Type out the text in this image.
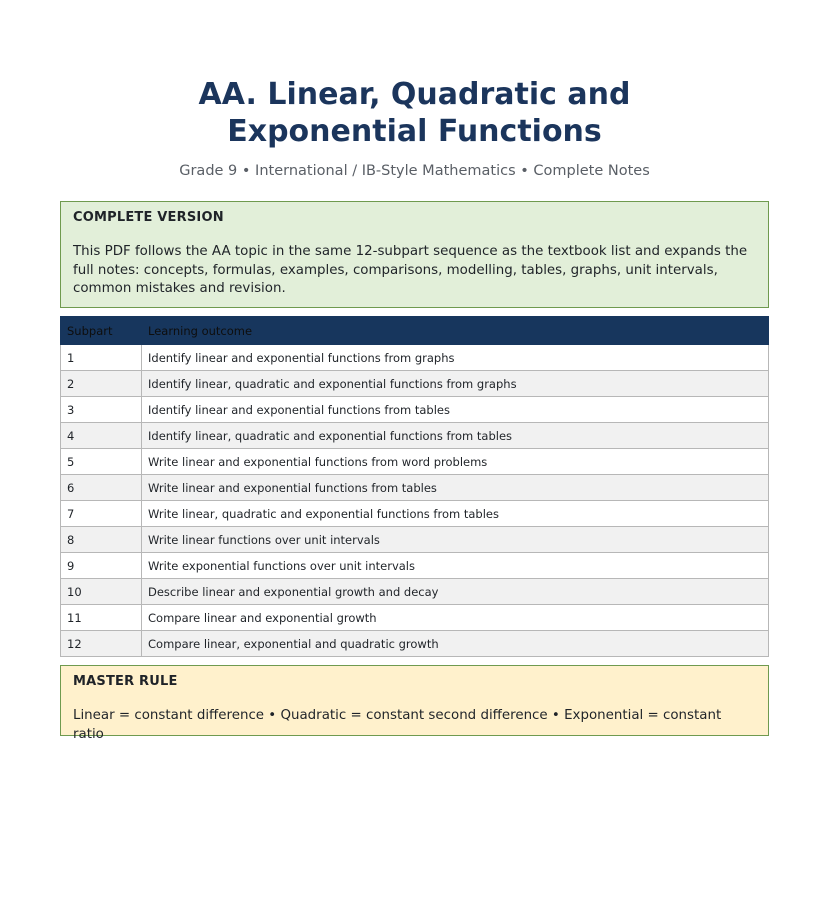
AA. Linear, Quadratic and
Exponential Functions

Grade 9 • International / IB-Style Mathematics • Complete Notes

COMPLETE VERSION

This PDF follows the AA topic in the same 12-subpart sequence as the textbook list and expands the full notes: concepts, formulas, examples, comparisons, modelling, tables, graphs, unit intervals, common mistakes and revision.

Subpart	Learning outcome
1	Identify linear and exponential functions from graphs
2	Identify linear, quadratic and exponential functions from graphs
3	Identify linear and exponential functions from tables
4	Identify linear, quadratic and exponential functions from tables
5	Write linear and exponential functions from word problems
6	Write linear and exponential functions from tables
7	Write linear, quadratic and exponential functions from tables
8	Write linear functions over unit intervals
9	Write exponential functions over unit intervals
10	Describe linear and exponential growth and decay
11	Compare linear and exponential growth
12	Compare linear, exponential and quadratic growth

MASTER RULE

Linear = constant difference • Quadratic = constant second difference • Exponential = constant ratio
